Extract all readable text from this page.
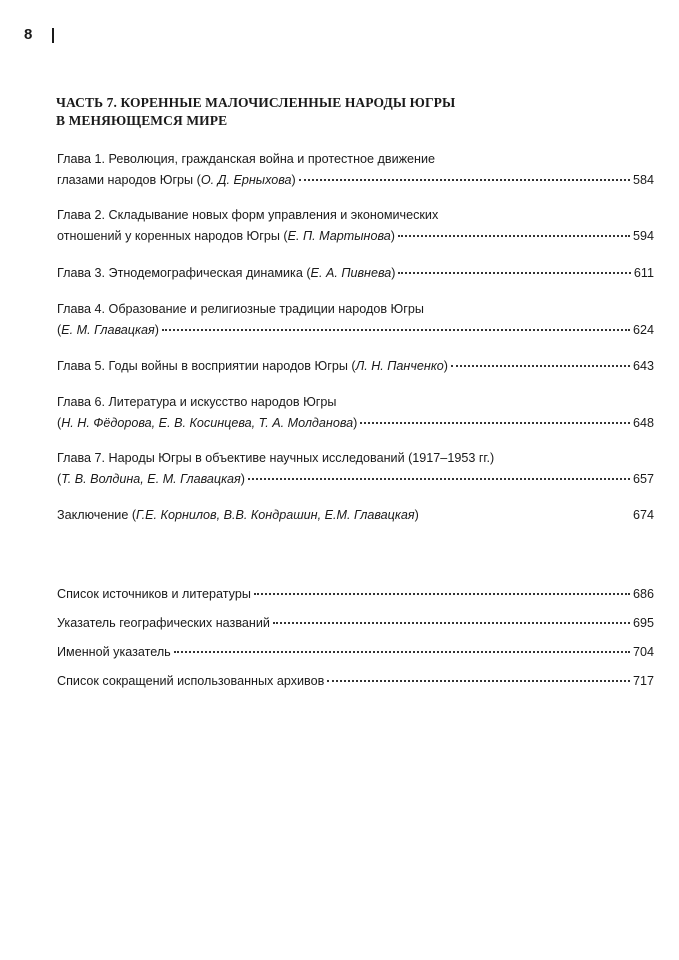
8
ЧАСТЬ 7. КОРЕННЫЕ МАЛОЧИСЛЕННЫЕ НАРОДЫ ЮГРЫ
В МЕНЯЮЩЕМСЯ МИРЕ
Глава 1. Революция, гражданская война и протестное движение
глазами народов Югры ( О. Д. Ерныхова )	584
Глава 2. Складывание новых форм управления и экономических
отношений у коренных народов Югры ( Е. П. Мартынова )	594
Глава 3. Этнодемографическая динамика ( Е. А. Пивнева )	611
Глава 4. Образование и религиозные традиции народов Югры
( Е. М. Главацкая )	624
Глава 5. Годы войны в восприятии народов Югры ( Л. Н. Панченко )	643
Глава 6. Литература и искусство народов Югры
( Н. Н. Фёдорова, Е. В. Косинцева, Т. А. Молданова )	648
Глава 7. Народы Югры в объективе научных исследований (1917–1953 гг.)
( Т. В. Волдина, Е. М. Главацкая )	657
Заключение ( Г.Е. Корнилов, В.В. Кондрашин, Е.М. Главацкая )	674
Список источников и литературы	686
Указатель географических названий	695
Именной указатель	704
Список сокращений использованных архивов	717
